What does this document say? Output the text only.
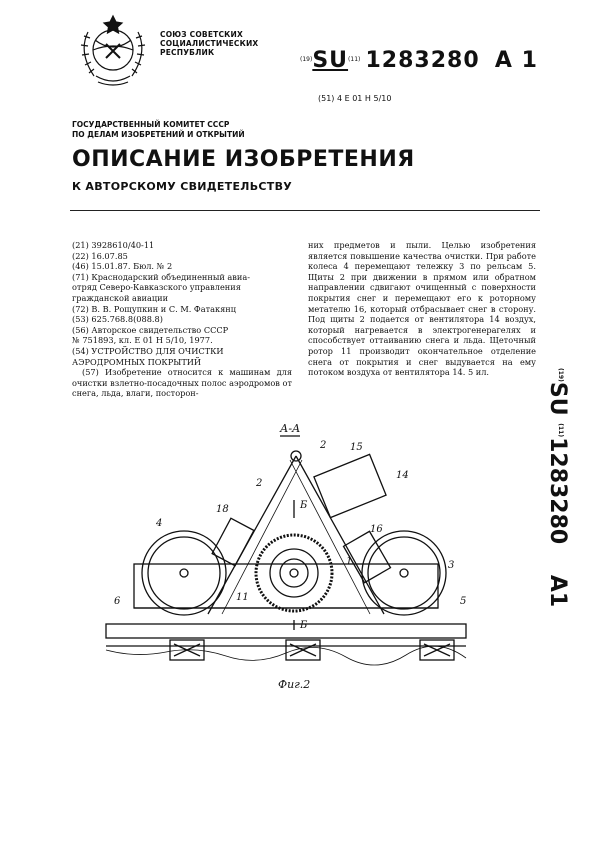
СОЮЗ СОВЕТСКИХ
СОЦИАЛИСТИЧЕСКИХ
РЕСПУБЛИК
$^{(19)}$SU$^{(11)}$ 1283280 A 1
(51) 4 Е 01 Н 5/10
ГОСУДАРСТВЕННЫЙ КОМИТЕТ СССР
ПО ДЕЛАМ ИЗОБРЕТЕНИЙ И ОТКРЫТИЙ
ОПИСАНИЕ ИЗОБРЕТЕНИЯ
К АВТОРСКОМУ СВИДЕТЕЛЬСТВУ
(21) 3928610/40-11
(22) 16.07.85
(46) 15.01.87. Бюл. № 2
(71) Краснодарский объединенный авиа-
отряд Северо-Кавказского управления
гражданской авиации
(72) В. В. Рощупкин и С. М. Фатакянц
(53) 625.768.8(088.8)
(56) Авторское свидетельство СССР
№ 751893, кл. Е 01 Н 5/10, 1977.
(54) УСТРОЙСТВО ДЛЯ ОЧИСТКИ
АЭРОДРОМНЫХ ПОКРЫТИЙ
(57) Изобретение относится к машинам для очистки взлетно-посадочных полос аэродромов от снега, льда, влаги, посторон-
них предметов и пыли. Целью изобретения является повышение качества очистки. При работе колеса 4 перемещают тележку 3 по рельсам 5. Щиты 2 при движении в прямом или обратном направлении сдвигают очищенный с поверхности покрытия снег и перемещают его к роторному метателю 16, который отбрасывает снег в сторону. Под щиты 2 подается от вентилятора 14 воздух, который нагревается в электрогенерагелях и способствует оттаиванию снега и льда. Щеточный ротор 11 производит окончательное отделение снега от покрытия и снег выдувается на ему потоком воздуха от вентилятора 14. 5 ил.
А-А
2 15
2
14
18
4
16
1	3
6	11	5
Б
Б
Фиг.2
$^{(19)}$SU $^{(11)}$1283280    A1
